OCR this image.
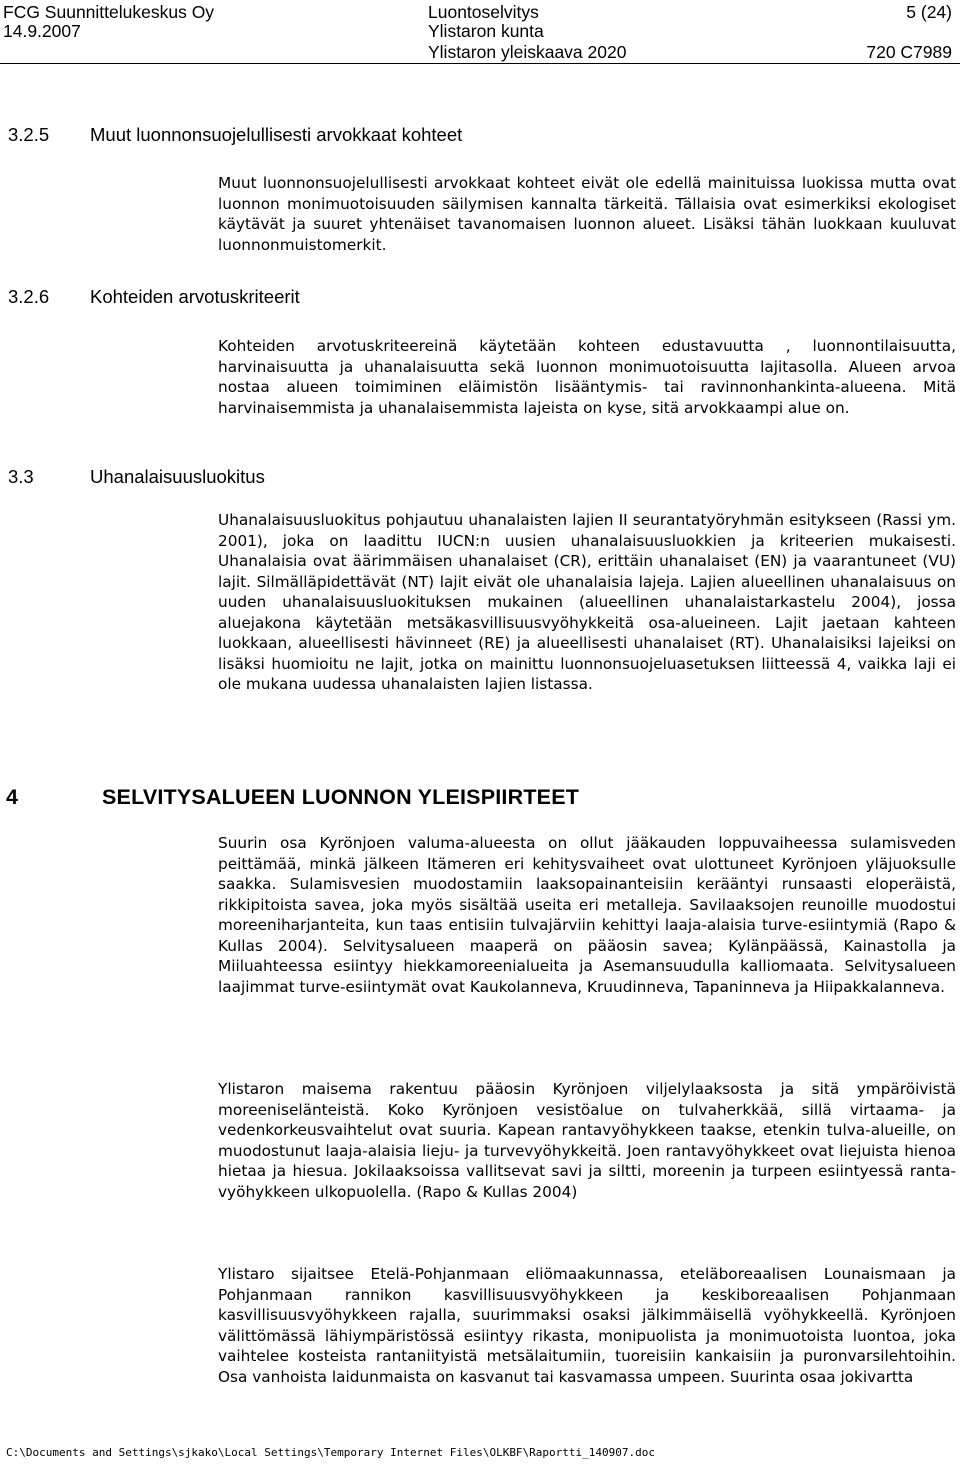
FCG Suunnittelukeskus Oy
14.9.2007
Luontoselvitys
Ylistaron kunta
Ylistaron yleiskaava 2020
5 (24)
720 C7989
3.2.5 Muut luonnonsuojelullisesti arvokkaat kohteet
Muut luonnonsuojelullisesti arvokkaat kohteet eivät ole edellä mainituissa luokissa mutta ovat luonnon monimuotoisuuden säilymisen kannalta tärkeitä. Tällaisia ovat esimerkiksi ekologiset käytävät ja suuret yhtenäiset tavanomaisen luonnon alueet. Lisäksi tähän luokkaan kuuluvat luonnonmuistomerkit.
3.2.6 Kohteiden arvotuskriteerit
Kohteiden arvotuskriteereinä käytetään kohteen edustavuutta , luonnontilaisuutta, harvinaisuutta ja uhanalaisuutta sekä luonnon monimuotoisuutta lajitasolla. Alueen arvoa nostaa alueen toimiminen eläimistön lisääntymis- tai ravinnonhankinta-alueena. Mitä harvinaisemmista ja uhanalaisemmista lajeista on kyse, sitä arvokkaampi alue on.
3.3	Uhanalaisuusluokitus
Uhanalaisuusluokitus pohjautuu uhanalaisten lajien II seurantatyöryhmän esitykseen (Rassi ym. 2001), joka on laadittu IUCN:n uusien uhanalaisuusluokkien ja kriteerien mukaisesti. Uhanalaisia ovat äärimmäisen uhanalaiset (CR), erittäin uhanalaiset (EN) ja vaarantuneet (VU) lajit. Silmälläpidettävät (NT) lajit eivät ole uhanalaisia lajeja. Lajien alueellinen uhanalaisuus on uuden uhanalaisuusluokituksen mukainen (alueellinen uhanalaistarkastelu 2004), jossa aluejakona käytetään metsäkasvillisuusvyöhykkeitä osa-alueineen. Lajit jaetaan kahteen luokkaan, alueellisesti hävinneet (RE) ja alueellisesti uhanalaiset (RT). Uhanalaisiksi lajeiksi on lisäksi huomioitu ne lajit, jotka on mainittu luonnonsuojeluasetuksen liitteessä 4, vaikka laji ei ole mukana uudessa uhanalaisten lajien listassa.
4	SELVITYSALUEEN LUONNON YLEISPIIRTEET
Suurin osa Kyrönjoen valuma-alueesta on ollut jääkauden loppuvaiheessa sulamisveden peittämää, minkä jälkeen Itämeren eri kehitysvaiheet ovat ulottuneet Kyrönjoen yläjuoksulle saakka. Sulamisvesien muodostamiin laaksopainanteisiin kerääntyi runsaasti eloperäistä, rikkipitoista savea, joka myös sisältää useita eri metalleja. Savilaaksojen reunoille muodostui moreeniharjanteita, kun taas entisiin tulvajärviin kehittyi laaja-alaisia turve-esiintymiä (Rapo & Kullas 2004). Selvitysalueen maaperä on pääosin savea; Kylänpäässä, Kainastolla ja Miiluahteessa esiintyy hiekkamoreenialueita ja Asemansuudulla kalliomaata. Selvitysalueen laajimmat turve-esiintymät ovat Kaukolanneva, Kruudinneva, Tapaninneva ja Hiipakkalanneva.
Ylistaron maisema rakentuu pääosin Kyrönjoen viljelylaaksosta ja sitä ympäröivistä moreeniselänteistä. Koko Kyrönjoen vesistöalue on tulvaherkkää, sillä virtaama- ja vedenkorkeusvaihtelut ovat suuria. Kapean rantavyöhykkeen taakse, etenkin tulva-alueille, on muodostunut laaja-alaisia lieju- ja turvevyöhykkeitä. Joen rantavyöhykkeet ovat liejuista hienoa hietaa ja hiesua. Jokilaaksoissa vallitsevat savi ja siltti, moreenin ja turpeen esiintyessä rantavyöhykkeen ulkopuolella. (Rapo & Kullas 2004)
Ylistaro sijaitsee Etelä-Pohjanmaan eliömaakunnassa, eteläboreaalisen Lounaismaan ja Pohjanmaan rannikon kasvillisuusvyöhykkeen ja keskiboreaalisen Pohjanmaan kasvillisuusvyöhykkeen rajalla, suurimmaksi osaksi jälkimmäisellä vyöhykkeellä. Kyrönjoen välittömässä lähiympäristössä esiintyy rikasta, monipuolista ja monimuotoista luontoa, joka vaihtelee kosteista rantaniityistä metsälaitumiin, tuoreisiin kankaisiin ja puronvarsilehtoihin. Osa vanhoista laidunmaista on kasvanut tai kasvamassa umpeen. Suurinta osaa jokivartta
C:\Documents and Settings\sjkako\Local Settings\Temporary Internet Files\OLKBF\Raportti_140907.doc
